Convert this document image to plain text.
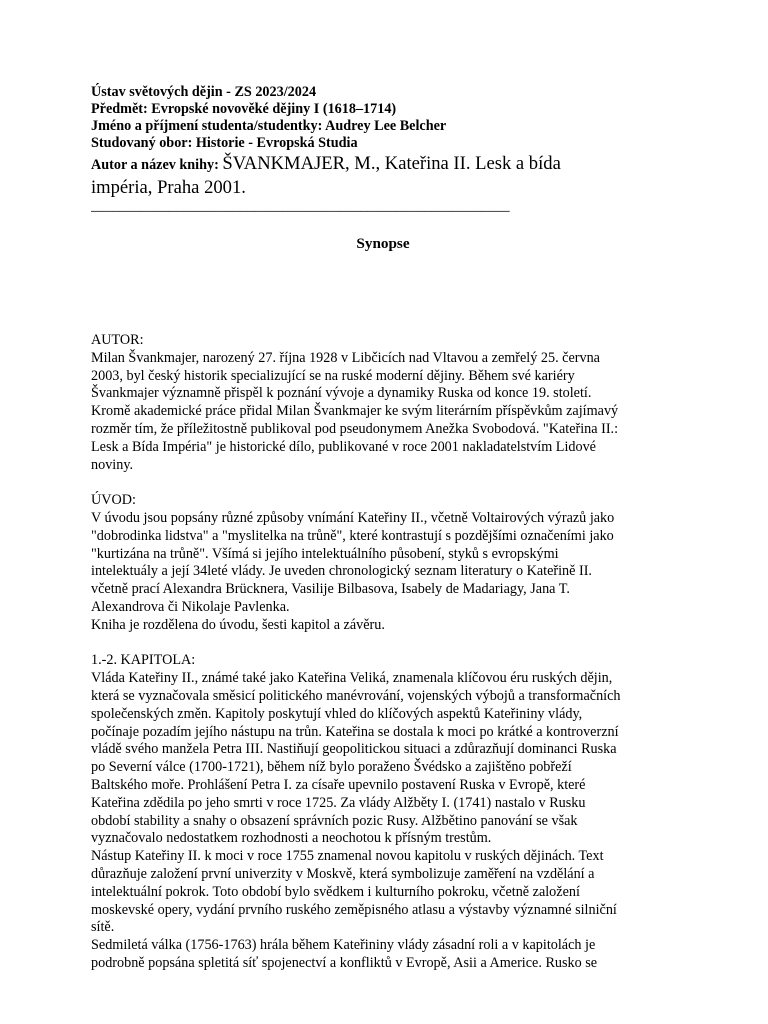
Ústav světových dějin - ZS 2023/2024
Předmět: Evropské novověké dějiny I (1618–1714)
Jméno a příjmení studenta/studentky: Audrey Lee Belcher
Studovaný obor: Historie - Evropská Studia
Autor a název knihy: ŠVANKMAJER, M., Kateřina II. Lesk a bída
impéria, Praha 2001.
___________________________________________________________
Synopse
AUTOR:
Milan Švankmajer, narozený 27. října 1928 v Libčicích nad Vltavou a zemřelý 25. června
2003, byl český historik specializující se na ruské moderní dějiny. Během své kariéry
Švankmajer významně přispěl k poznání vývoje a dynamiky Ruska od konce 19. století.
Kromě akademické práce přidal Milan Švankmajer ke svým literárním příspěvkům zajímavý
rozměr tím, že příležitostně publikoval pod pseudonymem Anežka Svobodová. "Kateřina II.:
Lesk a Bída Impéria" je historické dílo, publikované v roce 2001 nakladatelstvím Lidové
noviny.
ÚVOD:
V úvodu jsou popsány různé způsoby vnímání Kateřiny II., včetně Voltairových výrazů jako
"dobrodinka lidstva" a "myslitelka na trůně", které kontrastují s pozdějšími označeními jako
"kurtizána na trůně". Všímá si jejího intelektuálního působení, styků s evropskými
intelektuály a její 34leté vlády. Je uveden chronologický seznam literatury o Kateřině II.
včetně prací Alexandra Brücknera, Vasilije Bilbasova, Isabely de Madariagy, Jana T.
Alexandrova či Nikolaje Pavlenka.
Kniha je rozdělena do úvodu, šesti kapitol a závěru.
1.-2. KAPITOLA:
Vláda Kateřiny II., známé také jako Kateřina Veliká, znamenala klíčovou éru ruských dějin,
která se vyznačovala směsicí politického manévrování, vojenských výbojů a transformačních
společenských změn. Kapitoly poskytují vhled do klíčových aspektů Kateřininy vlády,
počínaje pozadím jejího nástupu na trůn. Kateřina se dostala k moci po krátké a kontroverzní
vládě svého manžela Petra III. Nastiňují geopolitickou situaci a zdůrazňují dominanci Ruska
po Severní válce (1700-1721), během níž bylo poraženo Švédsko a zajištěno pobřeží
Baltského moře. Prohlášení Petra I. za císaře upevnilo postavení Ruska v Evropě, které
Kateřina zdědila po jeho smrti v roce 1725. Za vlády Alžběty I. (1741) nastalo v Rusku
období stability a snahy o obsazení správních pozic Rusy. Alžbětino panování se však
vyznačovalo nedostatkem rozhodnosti a neochotou k přísným trestům.
Nástup Kateřiny II. k moci v roce 1755 znamenal novou kapitolu v ruských dějinách. Text
důrazňuje založení první univerzity v Moskvě, která symbolizuje zaměření na vzdělání a
intelektuální pokrok. Toto období bylo svědkem i kulturního pokroku, včetně založení
moskevské opery, vydání prvního ruského zeměpisného atlasu a výstavby významné silniční
sítě.
Sedmiletá válka (1756-1763) hrála během Kateřininy vlády zásadní roli a v kapitolách je
podrobně popsána spletitá síť spojenectví a konfliktů v Evropě, Asii a Americe. Rusko se
